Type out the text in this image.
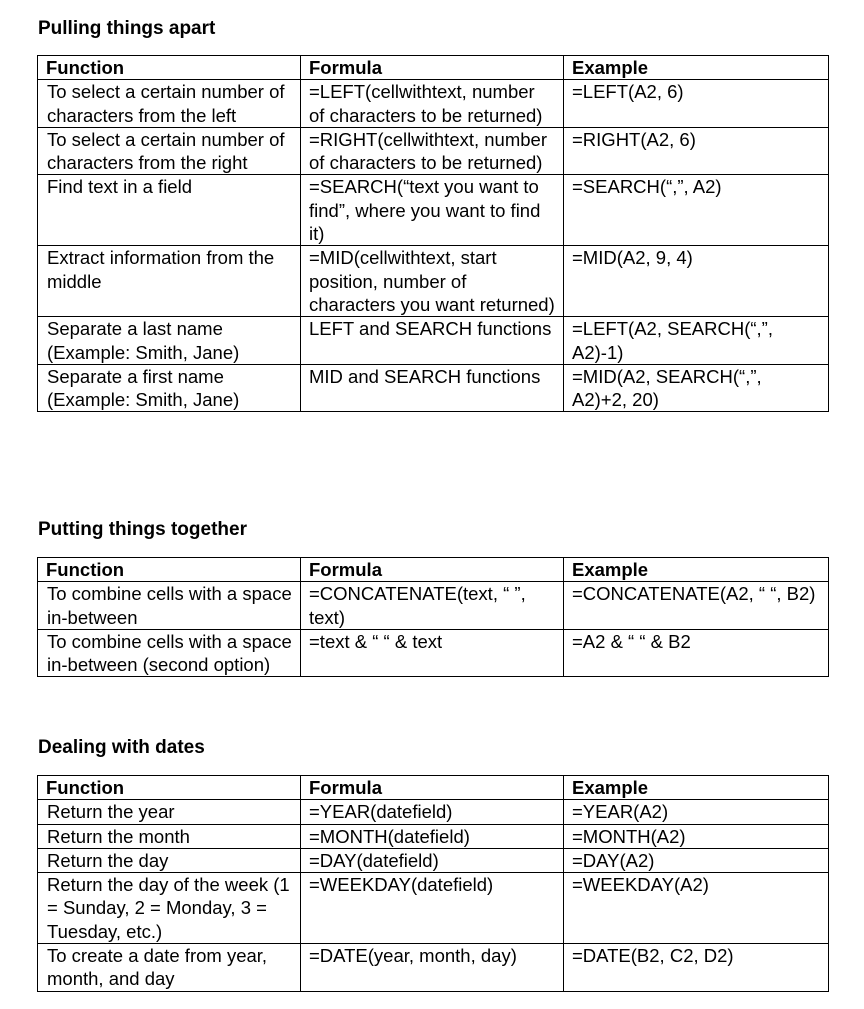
Pulling things apart
Function	Formula	Example
To select a certain number of characters from the left	=LEFT(cellwithtext, number of characters to be returned)	=LEFT(A2, 6)
To select a certain number of characters from the right	=RIGHT(cellwithtext, number of characters to be returned)	=RIGHT(A2, 6)
Find text in a field	=SEARCH(“text you want to find”, where you want to find it)	=SEARCH(“,”, A2)
Extract information from the middle	=MID(cellwithtext, start position, number of characters you want returned)	=MID(A2, 9, 4)
Separate a last name (Example: Smith, Jane)	LEFT and SEARCH functions	=LEFT(A2, SEARCH(“,”, A2)-1)
Separate a first name (Example: Smith, Jane)	MID and SEARCH functions	=MID(A2, SEARCH(“,”, A2)+2, 20)
Putting things together
Function	Formula	Example
To combine cells with a space in-between	=CONCATENATE(text, “ ”, text)	=CONCATENATE(A2, “ “, B2)
To combine cells with a space in-between (second option)	=text & “ “ & text	=A2 & “ “ & B2
Dealing with dates
Function	Formula	Example
Return the year	=YEAR(datefield)	=YEAR(A2)
Return the month	=MONTH(datefield)	=MONTH(A2)
Return the day	=DAY(datefield)	=DAY(A2)
Return the day of the week (1 = Sunday, 2 = Monday, 3 = Tuesday, etc.)	=WEEKDAY(datefield)	=WEEKDAY(A2)
To create a date from year, month, and day	=DATE(year, month, day)	=DATE(B2, C2, D2)
